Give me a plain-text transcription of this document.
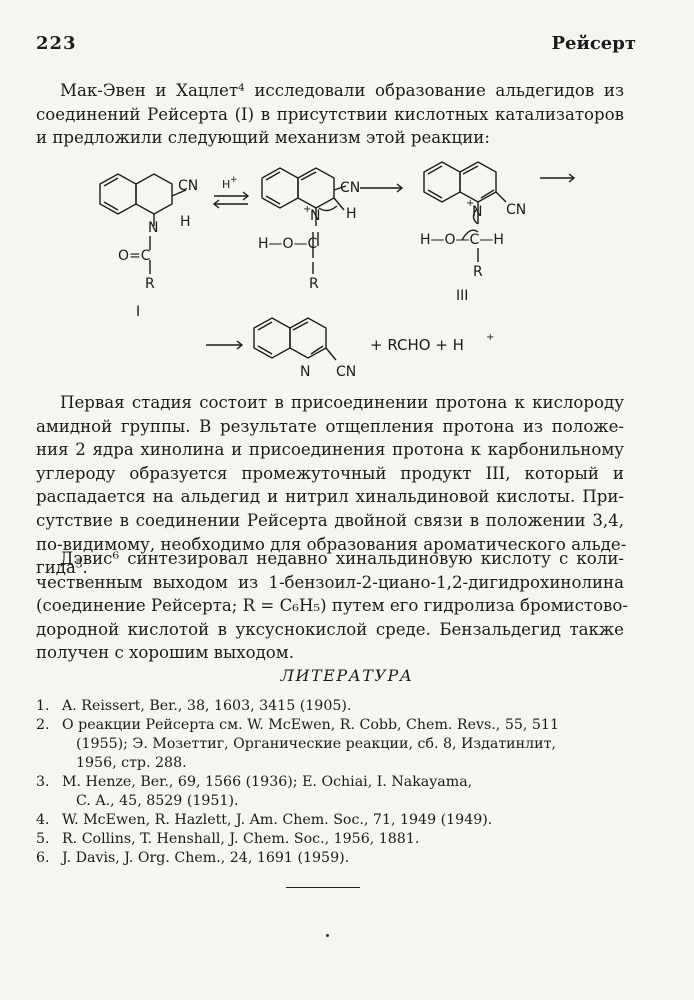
223	Рейсерт
Мак-Эвен и Хацлет⁴ исследовали образование альдегидов из
соединений Рейсерта (I) в присутствии кислотных катализаторов
и предложили следующий механизм этой реакции:
CN
N H
O=C
R
I
H +	CN
N
+ H
H—O—C
R
CN
N
+
H—O—C—H
R
III
N CN
+ RCHO + H +
Первая стадия состоит в присоединении протона к кислороду
амидной группы. В результате отщепления протона из положе-
ния 2 ядра хинолина и присоединения протона к карбонильному
углероду образуется промежуточный продукт III, который и
распадается на альдегид и нитрил хинальдиновой кислоты. При-
сутствие в соединении Рейсерта двойной связи в положении 3,4,
по-видимому, необходимо для образования ароматического альде-
гида⁵.
Дэвис⁶ синтезировал недавно хинальдиновую кислоту с коли-
чественным выходом из 1-бензоил-2-циано-1,2-дигидрохинолина
(соединение Рейсерта; R = C₆H₅) путем его гидролиза бромистово-
дородной кислотой в уксуснокислой среде. Бензальдегид также
получен с хорошим выходом.
ЛИТЕРАТУРА
1. A. Reissert, Ber., 38, 1603, 3415 (1905).
2. О реакции Рейсерта см. W. McEwen, R. Cobb, Chem. Revs., 55, 511
(1955); Э. Мозеттиг, Органические реакции, сб. 8, Издатинлит,
1956, стр. 288.
3. M. Henze, Ber., 69, 1566 (1936); E. Ochiai, I. Nakayama,
C. A., 45, 8529 (1951).
4. W. McEwen, R. Hazlett, J. Am. Chem. Soc., 71, 1949 (1949).
5. R. Collins, T. Henshall, J. Chem. Soc., 1956, 1881.
6. J. Davis, J. Org. Chem., 24, 1691 (1959).
